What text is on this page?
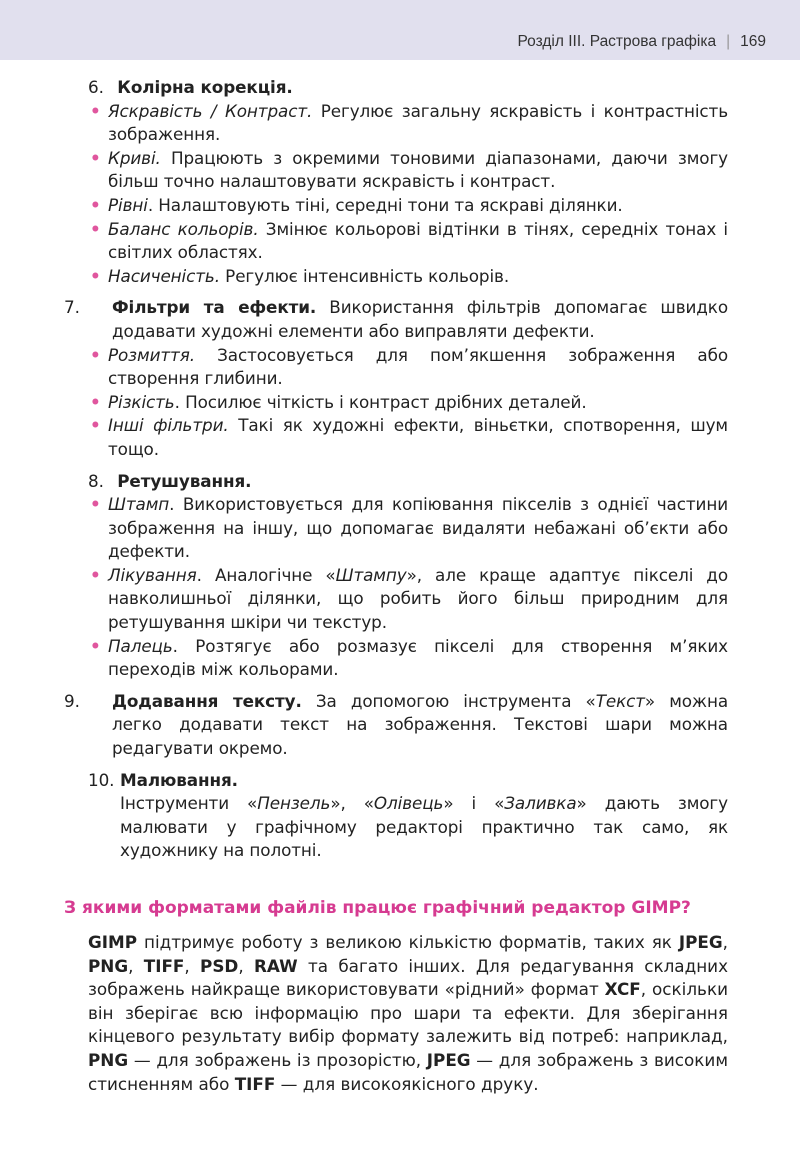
Розділ ІІІ. Растрова графіка | 169
6. Колірна корекція.
• Яскравість / Контраст. Регулює загальну яскравість і контрастність зображення.
• Криві. Працюють з окремими тоновими діапазонами, даючи змогу більш точно налаштовувати яскравість і контраст.
• Рівні. Налаштовують тіні, середні тони та яскраві ділянки.
• Баланс кольорів. Змінює кольорові відтінки в тінях, середніх тонах і світлих областях.
• Насиченість. Регулює інтенсивність кольорів.
7. Фільтри та ефекти. Використання фільтрів допомагає швидко додавати художні елементи або виправляти дефекти.
• Розмиття. Застосовується для пом’якшення зображення або створення глибини.
• Різкість. Посилює чіткість і контраст дрібних деталей.
• Інші фільтри. Такі як художні ефекти, віньєтки, спотворення, шум тощо.
8. Ретушування.
• Штамп. Використовується для копіювання пікселів з однієї частини зображення на іншу, що допомагає видаляти небажані об’єкти або дефекти.
• Лікування. Аналогічне «Штампу», але краще адаптує пікселі до навколишньої ділянки, що робить його більш природним для ретушування шкіри чи текстур.
• Палець. Розтягує або розмазує пікселі для створення м’яких переходів між кольорами.
9. Додавання тексту. За допомогою інструмента «Текст» можна легко додавати текст на зображення. Текстові шари можна редагувати окремо.
10. Малювання.
Інструменти «Пензель», «Олівець» і «Заливка» дають змогу малювати у графічному редакторі практично так само, як художнику на полотні.
З якими форматами файлів працює графічний редактор GIMP?
GIMP підтримує роботу з великою кількістю форматів, таких як JPEG, PNG, TIFF, PSD, RAW та багато інших. Для редагування складних зображень найкраще використовувати «рідний» формат XCF, оскільки він зберігає всю інформацію про шари та ефекти. Для зберігання кінцевого результату вибір формату залежить від потреб: наприклад, PNG — для зображень із прозорістю, JPEG — для зображень з високим стисненням або TIFF — для високоякісного друку.
